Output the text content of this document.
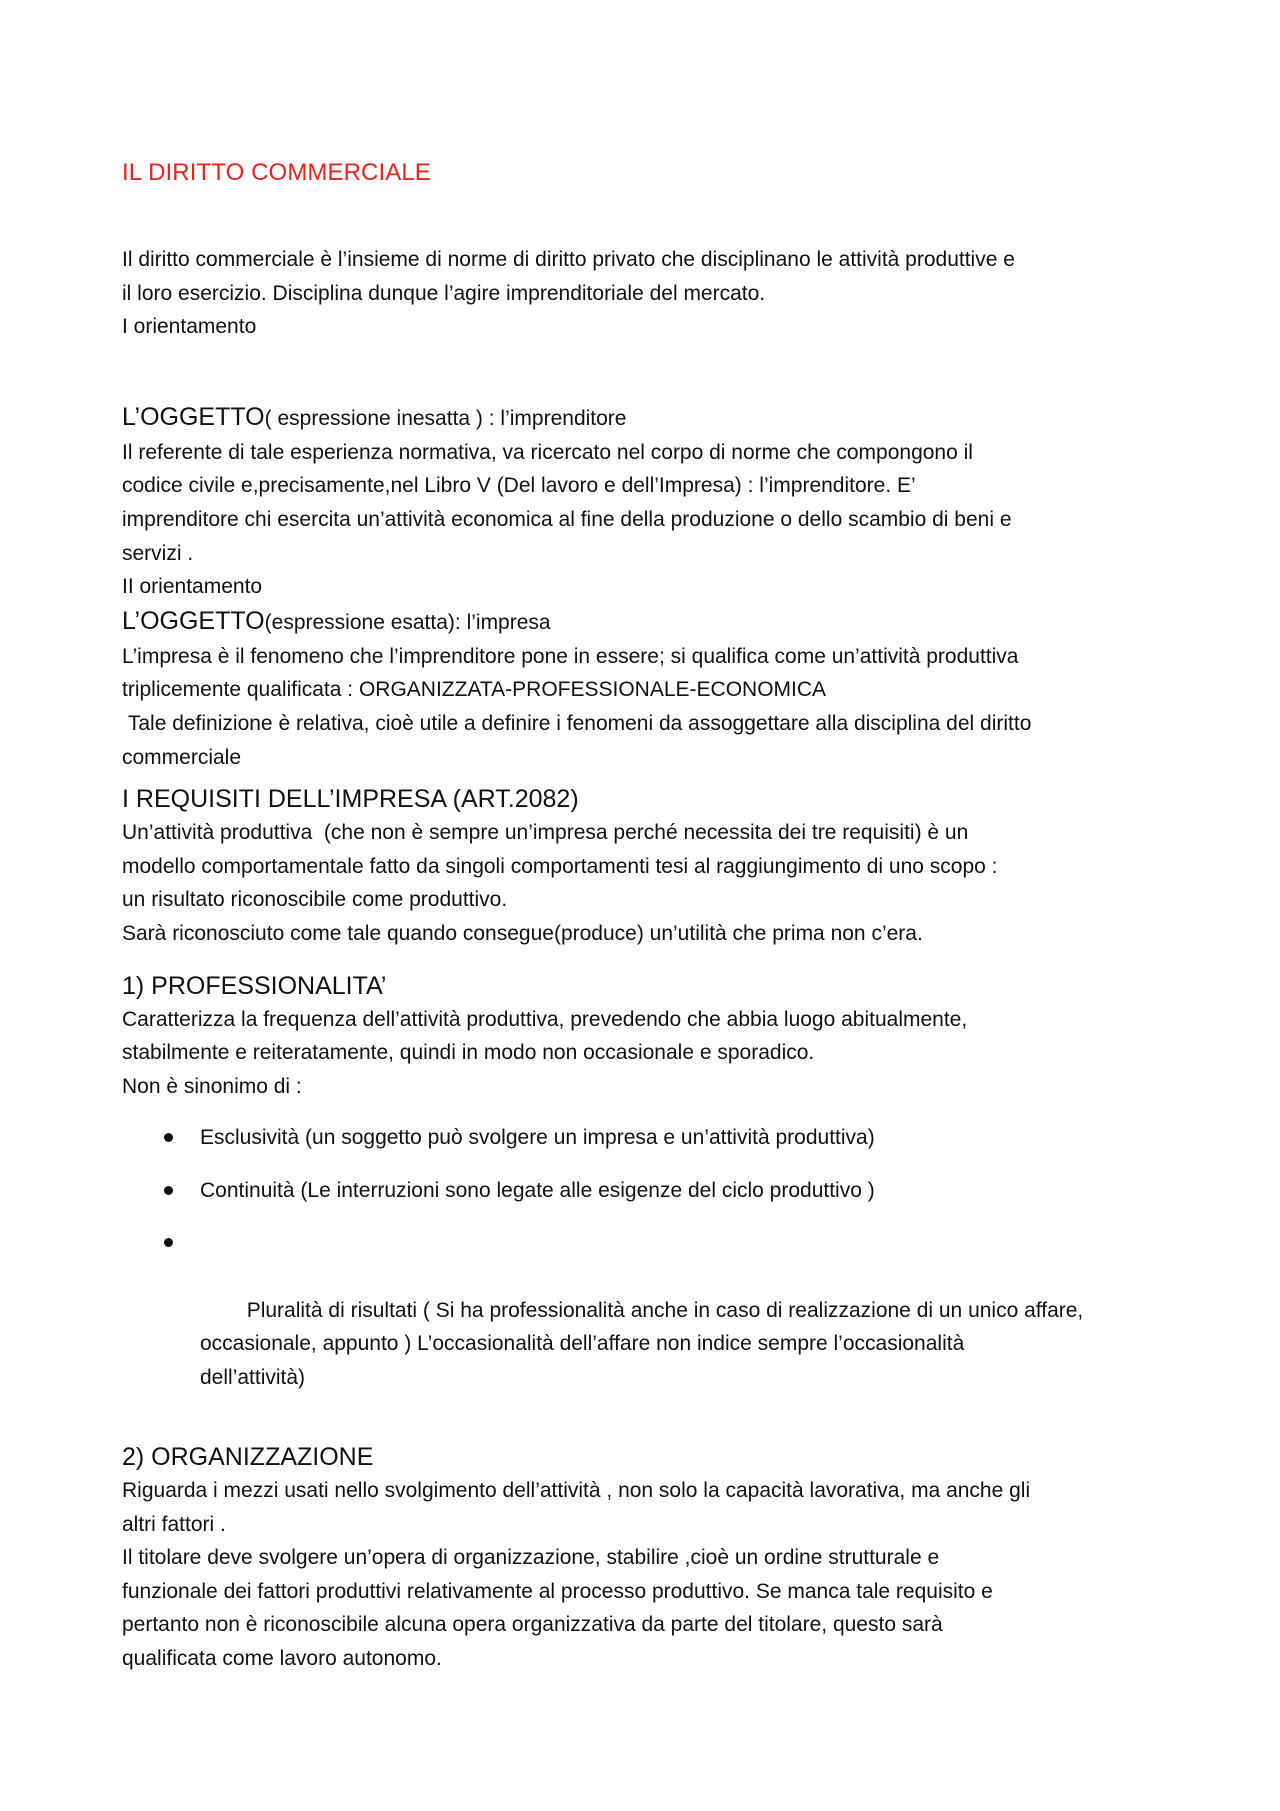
IL DIRITTO COMMERCIALE

Il diritto commerciale è l’insieme di norme di diritto privato che disciplinano le attività produttive e

il loro esercizio. Disciplina dunque l’agire imprenditoriale del mercato.

I orientamento

L’OGGETTO( espressione inesatta ) : l’imprenditore

Il referente di tale esperienza normativa, va ricercato nel corpo di norme che compongono il
codice civile e,precisamente,nel Libro V (Del lavoro e dell’Impresa) : l’imprenditore. E’
imprenditore chi esercita un’attività economica al fine della produzione o dello scambio di beni e
servizi .

II orientamento

L’OGGETTO(espressione esatta): l’impresa

L’impresa è il fenomeno che l’imprenditore pone in essere; si qualifica come un’attività produttiva
triplicemente qualificata : ORGANIZZATA-PROFESSIONALE-ECONOMICA
Tale definizione è relativa, cioè utile a definire i fenomeni da assoggettare alla disciplina del diritto
commerciale

I REQUISITI DELL’IMPRESA (ART.2082)

Un’attività produttiva  (che non è sempre un’impresa perché necessita dei tre requisiti) è un
modello comportamentale fatto da singoli comportamenti tesi al raggiungimento di uno scopo :
un risultato riconoscibile come produttivo.
Sarà riconosciuto come tale quando consegue(produce) un’utilità che prima non c’era.

1) PROFESSIONALITA’

Caratterizza la frequenza dell’attività produttiva, prevedendo che abbia luogo abitualmente,
stabilmente e reiteratamente, quindi in modo non occasionale e sporadico.
Non è sinonimo di :

Esclusività (un soggetto può svolgere un impresa e un’attività produttiva)
Continuità (Le interruzioni sono legate alle esigenze del ciclo produttivo )

Pluralità di risultati ( Si ha professionalità anche in caso di realizzazione di un unico affare,
occasionale, appunto ) L’occasionalità dell’affare non indice sempre l’occasionalità
dell’attività)

2) ORGANIZZAZIONE

Riguarda i mezzi usati nello svolgimento dell’attività , non solo la capacità lavorativa, ma anche gli
altri fattori .
Il titolare deve svolgere un’opera di organizzazione, stabilire ,cioè un ordine strutturale e
funzionale dei fattori produttivi relativamente al processo produttivo. Se manca tale requisito e
pertanto non è riconoscibile alcuna opera organizzativa da parte del titolare, questo sarà
qualificata come lavoro autonomo.
